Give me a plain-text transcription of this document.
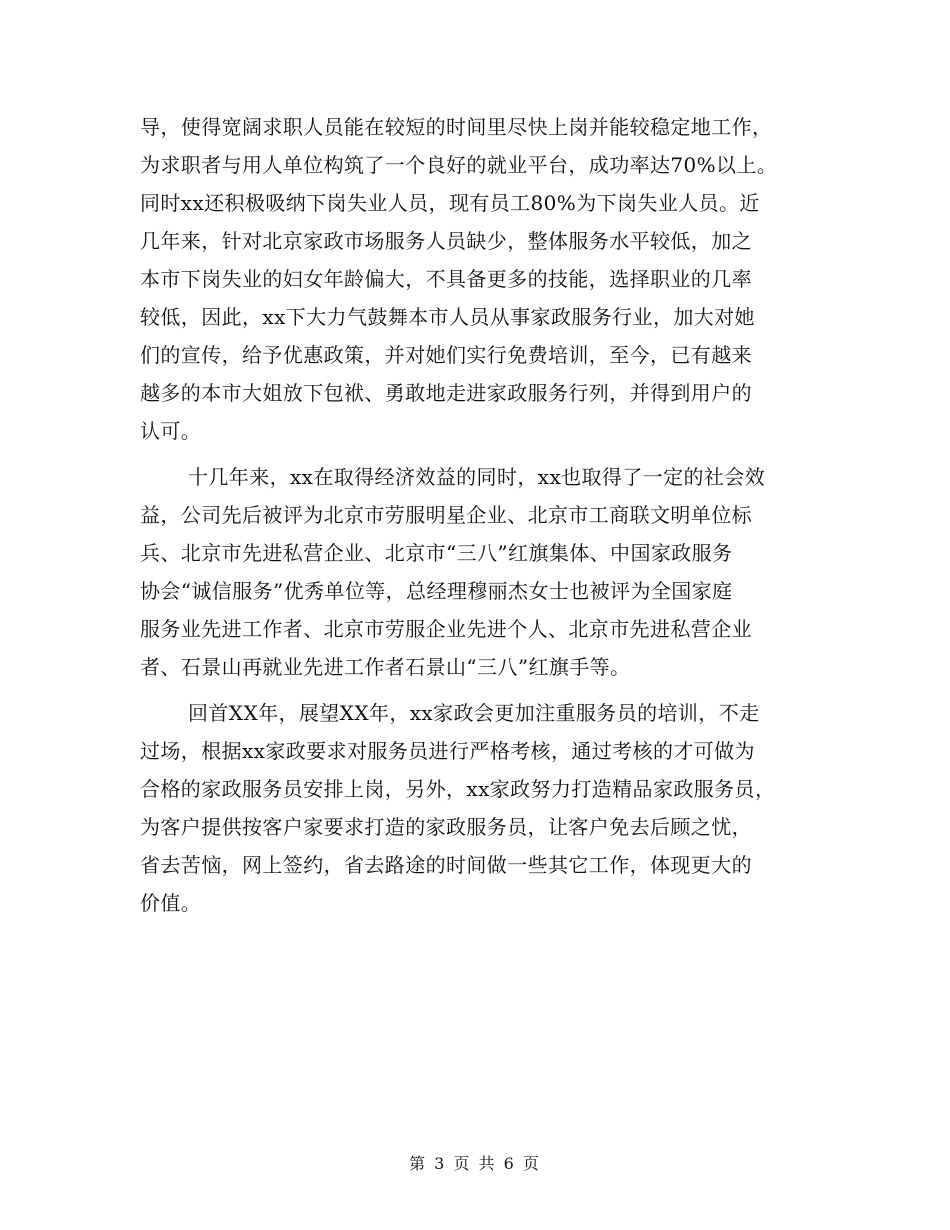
导，使得宽阔求职人员能在较短的时间里尽快上岗并能较稳定地工作，
为求职者与用人单位构筑了一个良好的就业平台，成功率达70%以上。
同时xx还积极吸纳下岗失业人员，现有员工80%为下岗失业人员。近
几年来，针对北京家政市场服务人员缺少，整体服务水平较低，加之
本市下岗失业的妇女年龄偏大，不具备更多的技能，选择职业的几率
较低，因此，xx下大力气鼓舞本市人员从事家政服务行业，加大对她
们的宣传，给予优惠政策，并对她们实行免费培训，至今，已有越来
越多的本市大姐放下包袱、勇敢地走进家政服务行列，并得到用户的
认可。
十几年来，xx在取得经济效益的同时，xx也取得了一定的社会效
益，公司先后被评为北京市劳服明星企业、北京市工商联文明单位标
兵、北京市先进私营企业、北京市“三八”红旗集体、中国家政服务
协会“诚信服务”优秀单位等，总经理穆丽杰女士也被评为全国家庭
服务业先进工作者、北京市劳服企业先进个人、北京市先进私营企业
者、石景山再就业先进工作者石景山“三八”红旗手等。
回首XX年，展望XX年，xx家政会更加注重服务员的培训，不走
过场，根据xx家政要求对服务员进行严格考核，通过考核的才可做为
合格的家政服务员安排上岗，另外，xx家政努力打造精品家政服务员，
为客户提供按客户家要求打造的家政服务员，让客户免去后顾之忧，
省去苦恼，网上签约，省去路途的时间做一些其它工作，体现更大的
价值。
第 3 页 共 6 页
